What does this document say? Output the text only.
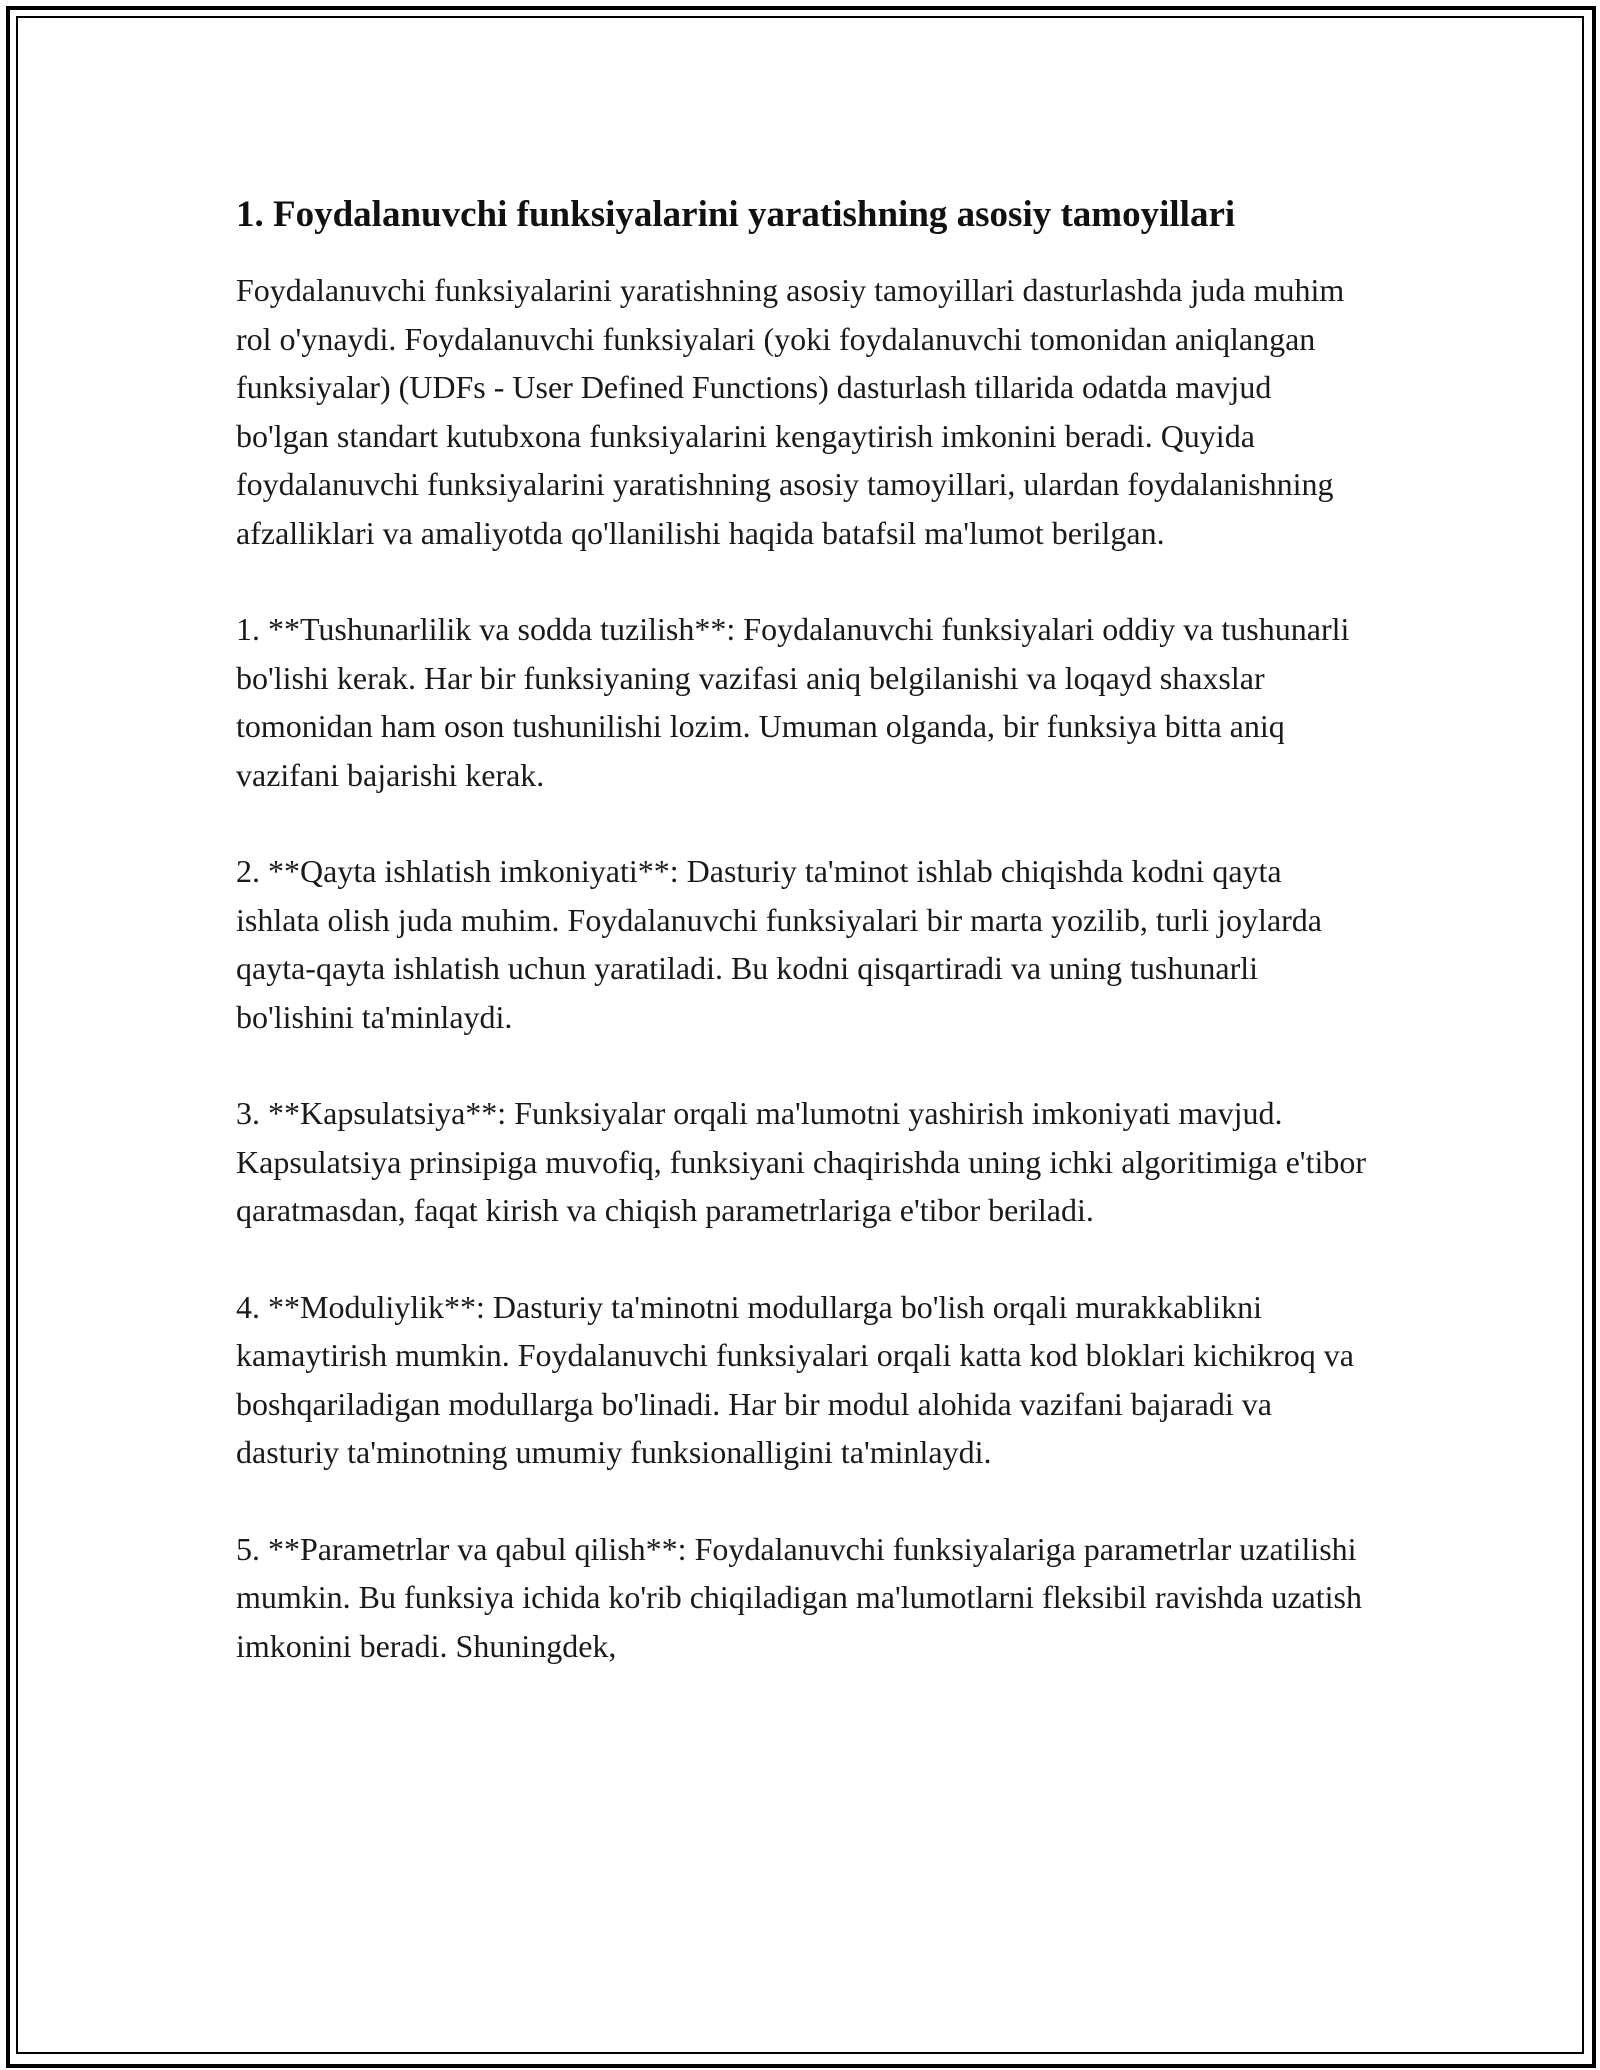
1. Foydalanuvchi funksiyalarini yaratishning asosiy tamoyillari

Foydalanuvchi funksiyalarini yaratishning asosiy tamoyillari dasturlashda juda muhim rol o'ynaydi. Foydalanuvchi funksiyalari (yoki foydalanuvchi tomonidan aniqlangan funksiyalar) (UDFs - User Defined Functions) dasturlash tillarida odatda mavjud bo'lgan standart kutubxona funksiyalarini kengaytirish imkonini beradi. Quyida foydalanuvchi funksiyalarini yaratishning asosiy tamoyillari, ulardan foydalanishning afzalliklari va amaliyotda qo'llanilishi haqida batafsil ma'lumot berilgan.

1. **Tushunarlilik va sodda tuzilish**: Foydalanuvchi funksiyalari oddiy va tushunarli bo'lishi kerak. Har bir funksiyaning vazifasi aniq belgilanishi va loqayd shaxslar tomonidan ham oson tushunilishi lozim. Umuman olganda, bir funksiya bitta aniq vazifani bajarishi kerak.

2. **Qayta ishlatish imkoniyati**: Dasturiy ta'minot ishlab chiqishda kodni qayta ishlata olish juda muhim. Foydalanuvchi funksiyalari bir marta yozilib, turli joylarda qayta-qayta ishlatish uchun yaratiladi. Bu kodni qisqartiradi va uning tushunarli bo'lishini ta'minlaydi.

3. **Kapsulatsiya**: Funksiyalar orqali ma'lumotni yashirish imkoniyati mavjud. Kapsulatsiya prinsipiga muvofiq, funksiyani chaqirishda uning ichki algoritimiga e'tibor qaratmasdan, faqat kirish va chiqish parametrlariga e'tibor beriladi.

4. **Moduliylik**: Dasturiy ta'minotni modullarga bo'lish orqali murakkablikni kamaytirish mumkin. Foydalanuvchi funksiyalari orqali katta kod bloklari kichikroq va boshqariladigan modullarga bo'linadi. Har bir modul alohida vazifani bajaradi va dasturiy ta'minotning umumiy funksionalligini ta'minlaydi.

5. **Parametrlar va qabul qilish**: Foydalanuvchi funksiyalariga parametrlar uzatilishi mumkin. Bu funksiya ichida ko'rib chiqiladigan ma'lumotlarni fleksibil ravishda uzatish imkonini beradi. Shuningdek,
